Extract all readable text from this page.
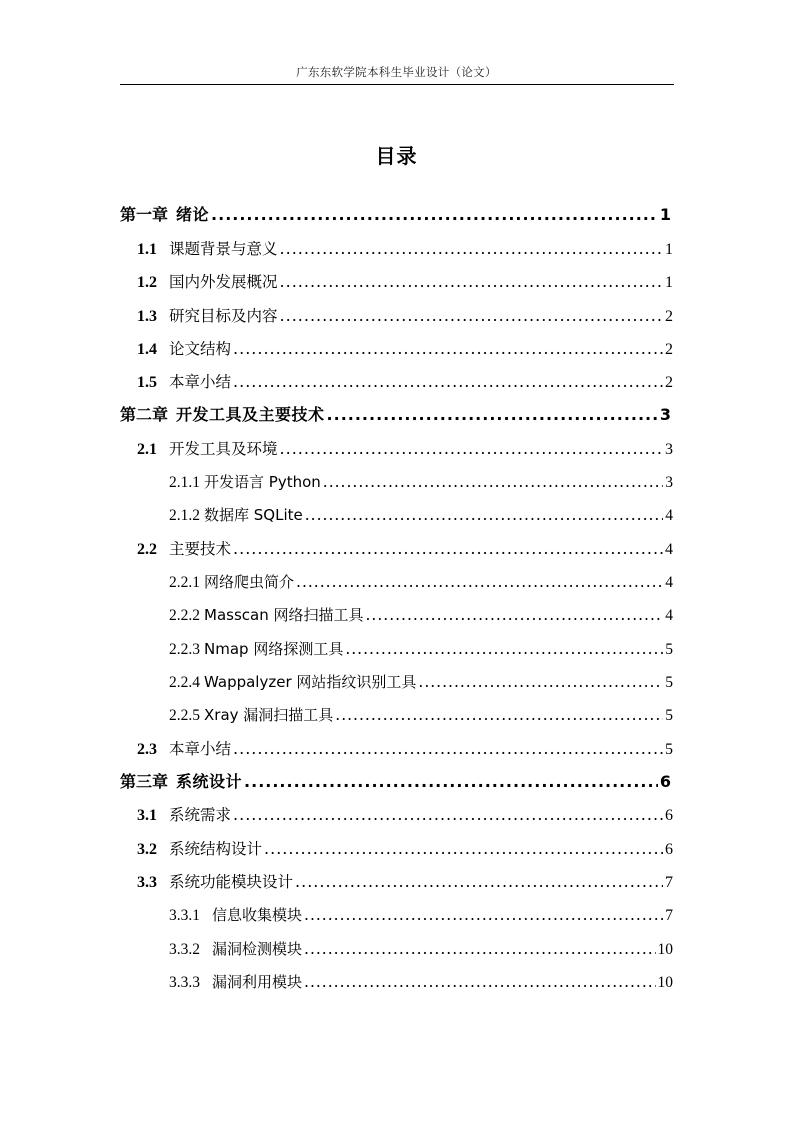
广东东软学院本科生毕业设计（论文）
目录
第一章 绪论 .....	1
1.1 课题背景与意义 .....	1
1.2 国内外发展概况 .....	1
1.3 研究目标及内容 .....	2
1.4 论文结构 .....	2
1.5 本章小结 .....	2
第二章 开发工具及主要技术 .....	3
2.1 开发工具及环境 .....	3
2.1.1 开发语言 Python .....	3
2.1.2 数据库 SQLite .....	4
2.2 主要技术 .....	4
2.2.1 网络爬虫简介 .....	4
2.2.2 Masscan 网络扫描工具 .....	4
2.2.3 Nmap 网络探测工具 .....	5
2.2.4 Wappalyzer 网站指纹识别工具 .....	5
2.2.5 Xray 漏洞扫描工具 .....	5
2.3 本章小结 .....	5
第三章 系统设计 .....	6
3.1 系统需求 .....	6
3.2 系统结构设计 .....	6
3.3 系统功能模块设计 .....	7
3.3.1 信息收集模块 .....	7
3.3.2 漏洞检测模块 .....	10
3.3.3 漏洞利用模块 .....	10
